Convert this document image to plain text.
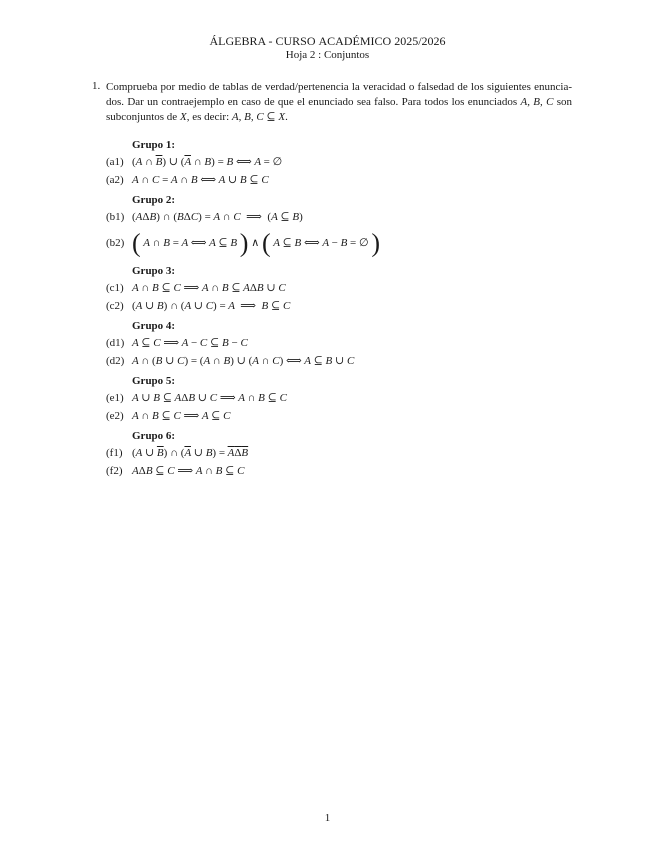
ÁLGEBRA - CURSO ACADÉMICO 2025/2026
Hoja 2 : Conjuntos
1. Comprueba por medio de tablas de verdad/pertenencia la veracidad o falsedad de los siguientes enuncia- dos. Dar un contraejemplo en caso de que el enunciado sea falso. Para todos los enunciados A, B, C son subconjuntos de X, es decir: A, B, C ⊆ X.
Grupo 1:
(a1) (A ∩ $\overline{B}$) ∪ ($\overline{A}$ ∩ B) = B ⟺ A = ∅
(a2) A ∩ C = A ∩ B ⟺ A ∪ B ⊆ C
Grupo 2:
(b1) (AΔB) ∩ (BΔC) = A ∩ C  ⟹  (A ⊆ B)
(b2) ( A ∩ B = A ⟺ A ⊆ B ) ∧ ( A ⊆ B ⟺ A − B = ∅ )
Grupo 3:
(c1) A ∩ B ⊆ C ⟹ A ∩ B ⊆ AΔB ∪ C
(c2) (A ∪ B) ∩ (A ∪ C) = A  ⟹  B ⊆ C
Grupo 4:
(d1) A ⊆ C ⟹ A − C ⊆ B − C
(d2) A ∩ (B ∪ C) = (A ∩ B) ∪ (A ∩ C) ⟺ A ⊆ B ∪ C
Grupo 5:
(e1) A ∪ B ⊆ AΔB ∪ C ⟹ A ∩ B ⊆ C
(e2) A ∩ B ⊆ C ⟹ A ⊆ C
Grupo 6:
(f1) (A ∪ $\overline{B}$) ∩ ($\overline{A}$ ∪ B) = AΔB
(f2) AΔB ⊆ C ⟹ A ∩ B ⊆ C
1
